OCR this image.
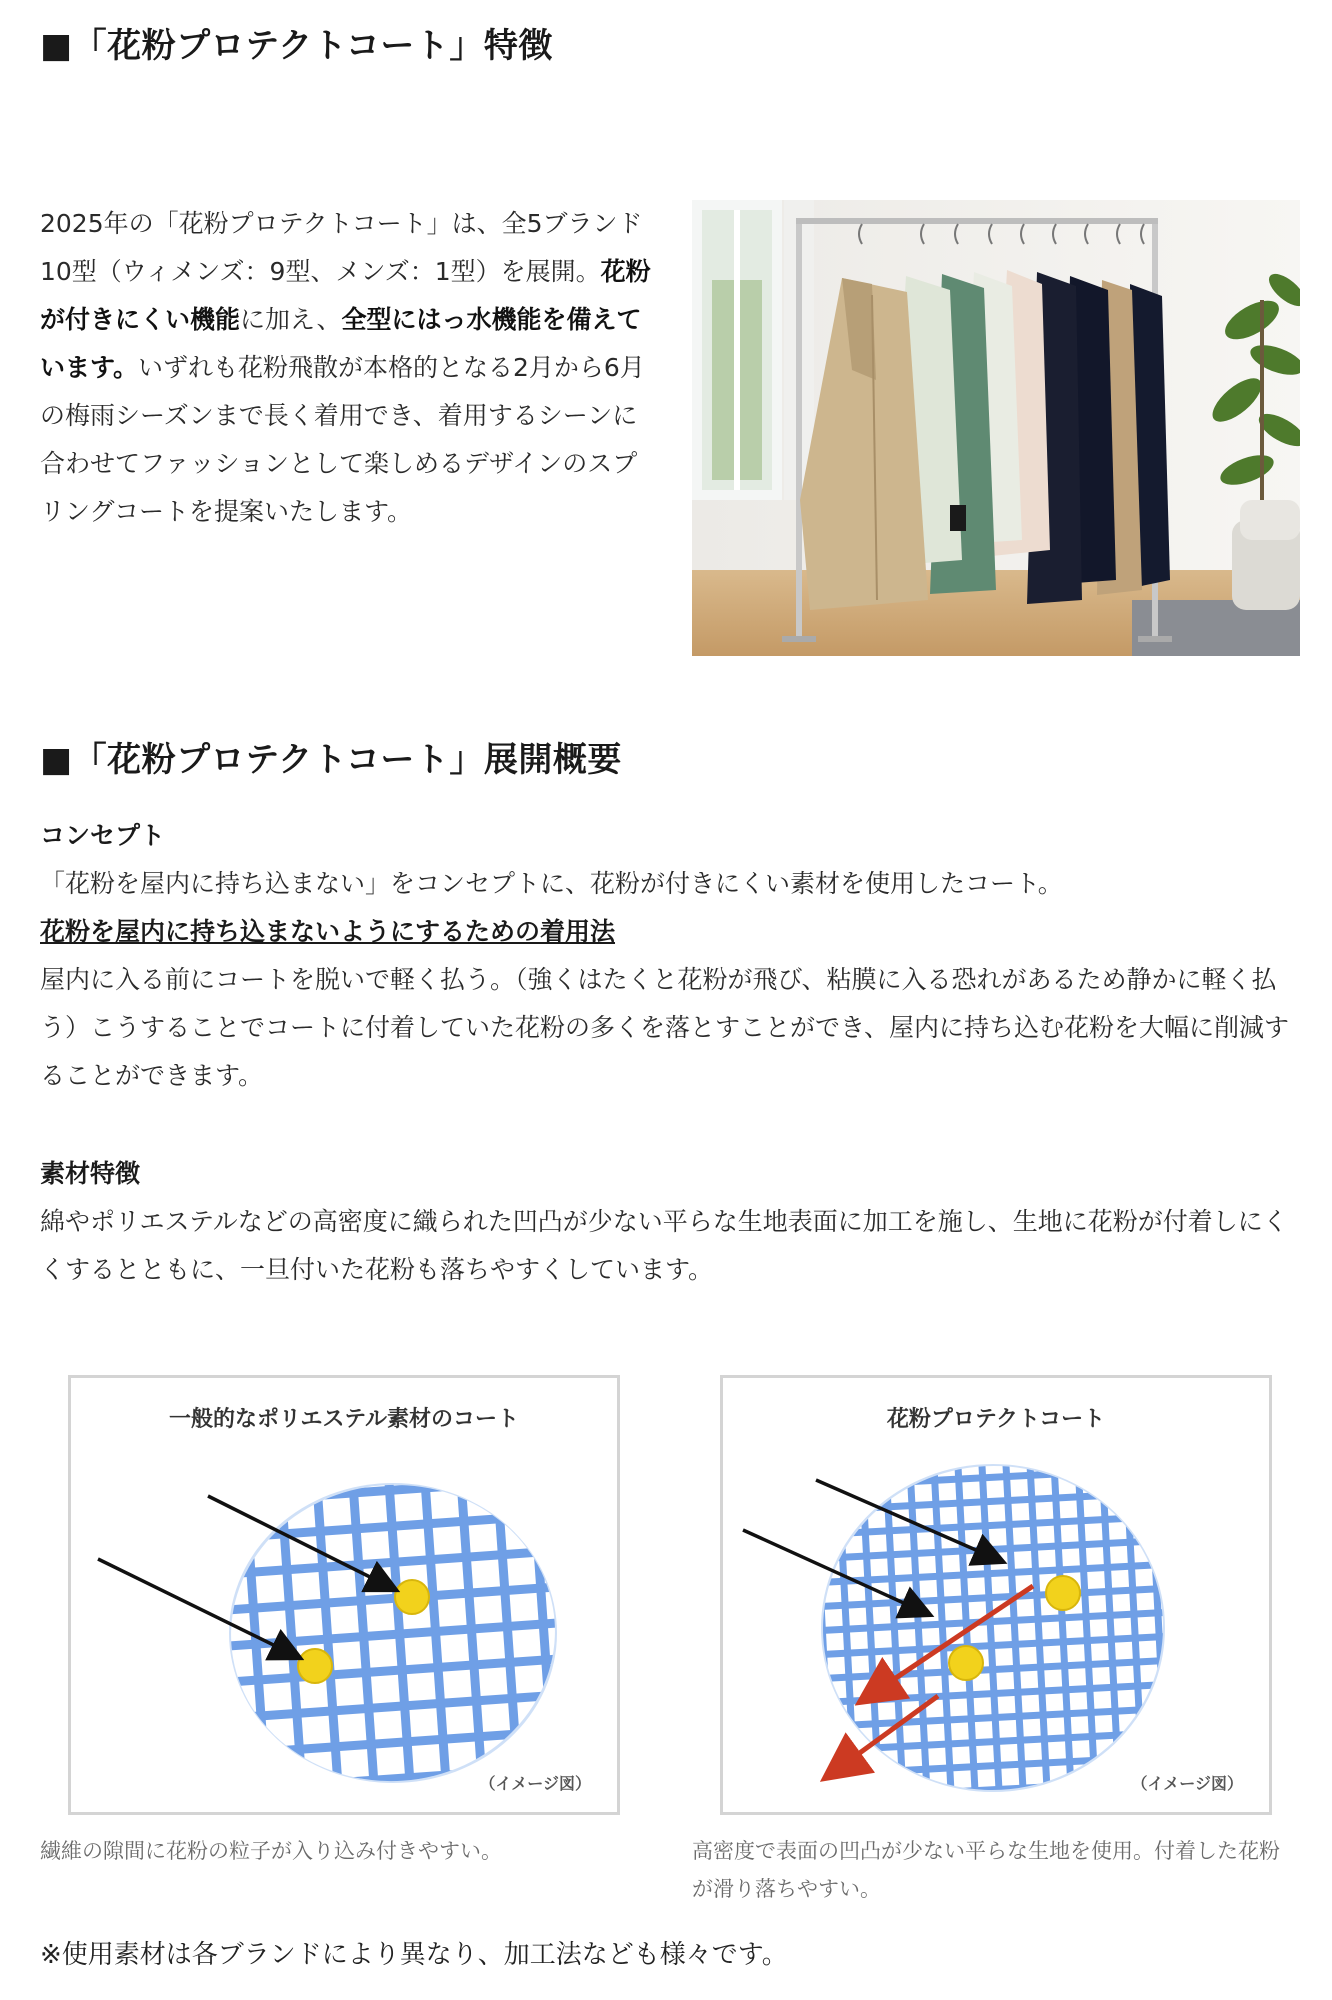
■「花粉プロテクトコート」特徴

2025年の「花粉プロテクトコート」は、全5ブランド10型（ウィメンズ：9型、メンズ：1型）を展開。花粉が付きにくい機能に加え、全型にはっ水機能を備えています。いずれも花粉飛散が本格的となる2月から6月の梅雨シーズンまで長く着用でき、着用するシーンに合わせてファッションとして楽しめるデザインのスプリングコートを提案いたします。

■「花粉プロテクトコート」展開概要

コンセプト

「花粉を屋内に持ち込まない」をコンセプトに、花粉が付きにくい素材を使用したコート。

花粉を屋内に持ち込まないようにするための着用法

屋内に入る前にコートを脱いで軽く払う。（強くはたくと花粉が飛び、粘膜に入る恐れがあるため静かに軽く払う）こうすることでコートに付着していた花粉の多くを落とすことができ、屋内に持ち込む花粉を大幅に削減することができます。

素材特徴

綿やポリエステルなどの高密度に織られた凹凸が少ない平らな生地表面に加工を施し、生地に花粉が付着しにくくするとともに、一旦付いた花粉も落ちやすくしています。

一般的なポリエステル素材のコート
（イメージ図）
花粉プロテクトコート
（イメージ図）

繊維の隙間に花粉の粒子が入り込み付きやすい。	高密度で表面の凹凸が少ない平らな生地を使用。付着した花粉が滑り落ちやすい。

※使用素材は各ブランドにより異なり、加工法なども様々です。
